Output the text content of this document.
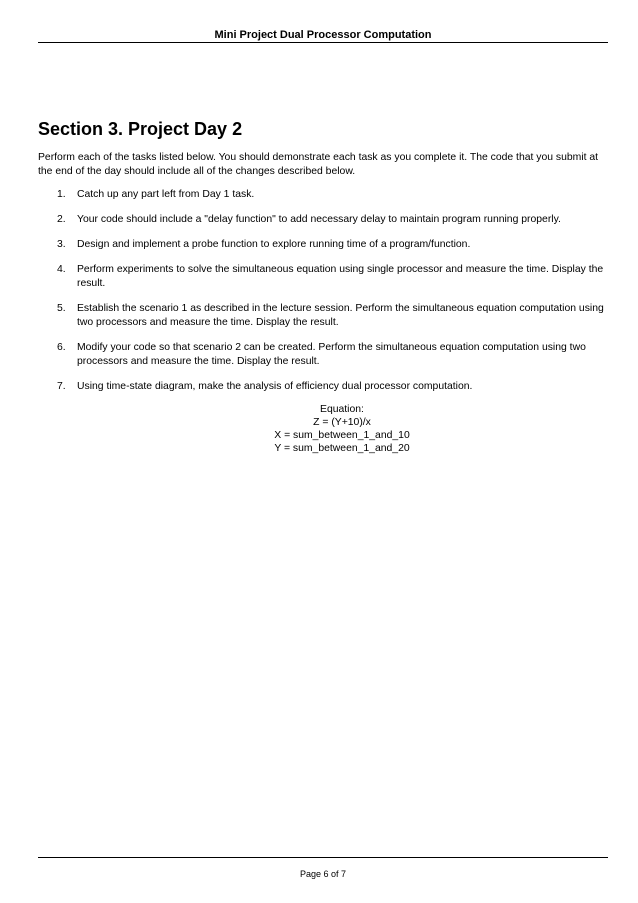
Mini Project Dual Processor Computation
Section 3. Project Day 2

Perform each of the tasks listed below. You should demonstrate each task as you complete it. The code that you submit at the end of the day should include all of the changes described below.

1. Catch up any part left from Day 1 task.
2. Your code should include a "delay function" to add necessary delay to maintain program running properly.
3. Design and implement a probe function to explore running time of a program/function.
4. Perform experiments to solve the simultaneous equation using single processor and measure the time. Display the result.
5. Establish the scenario 1 as described in the lecture session. Perform the simultaneous equation computation using two processors and measure the time. Display the result.
6. Modify your code so that scenario 2 can be created. Perform the simultaneous equation computation using two processors and measure the time. Display the result.
7. Using time-state diagram, make the analysis of efficiency dual processor computation.
Equation:
Z = (Y+10)/x
X = sum_between_1_and_10
Y = sum_between_1_and_20
Page 6 of 7
